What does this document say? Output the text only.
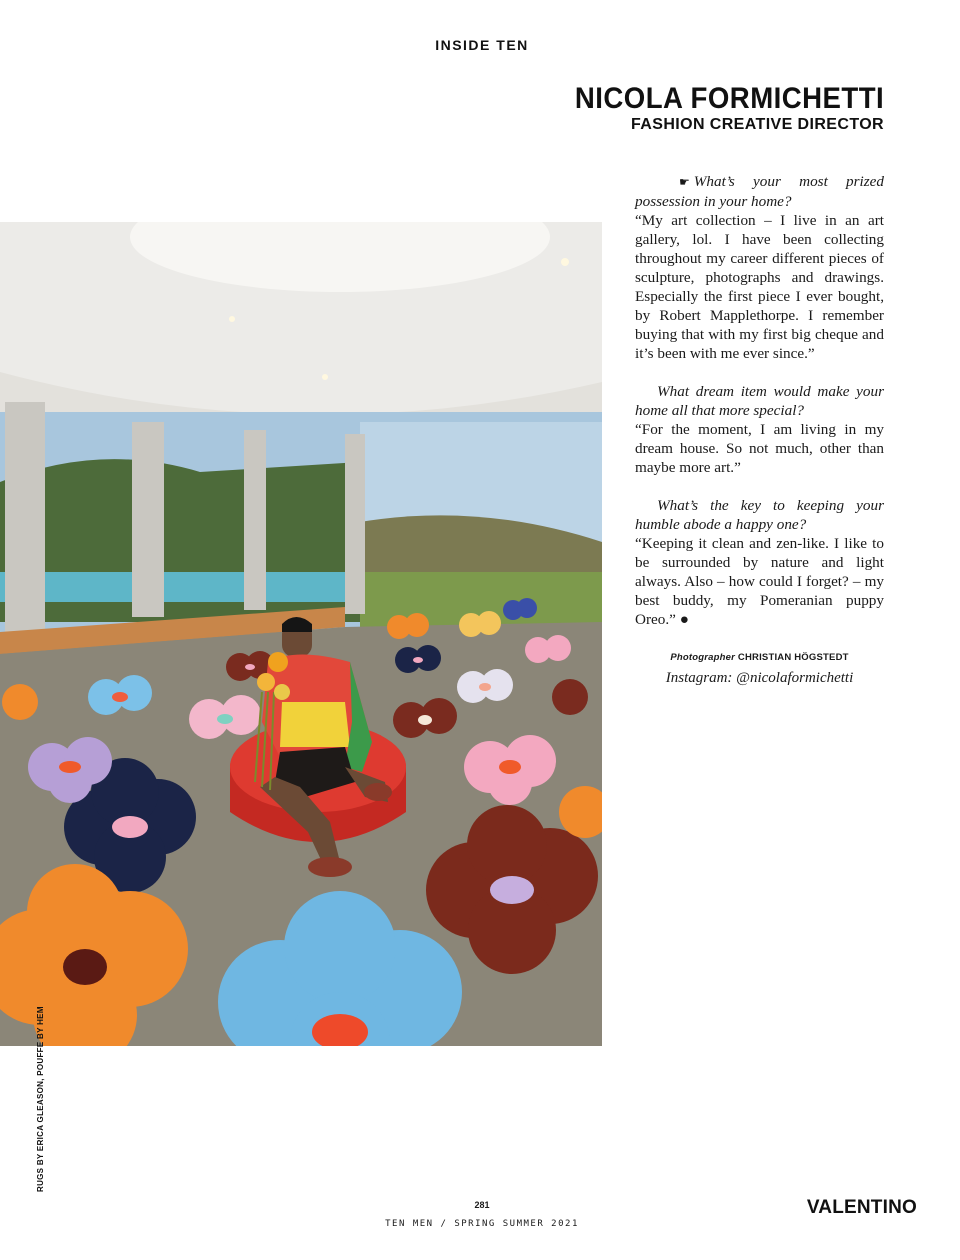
INSIDE TEN
NICOLA FORMICHETTI
FASHION CREATIVE DIRECTOR
☛ What’s your most prized possession in your home?
“My art collection – I live in an art gallery, lol. I have been collecting throughout my career different pieces of sculpture, photographs and drawings. Especially the first piece I ever bought, by Robert Mapplethorpe. I remember buying that with my first big cheque and it’s been with me ever since.”
What dream item would make your home all that more special?
“For the moment, I am living in my dream house. So not much, other than maybe more art.”
What’s the key to keeping your humble abode a happy one?
“Keeping it clean and zen-like. I like to be surrounded by nature and light always. Also – how could I forget? – my best buddy, my Pomeranian puppy Oreo.” ●
Photographer CHRISTIAN HÖGSTEDT
Instagram: @nicolaformichetti
RUGS BY ERICA GLEASON, POUFFE BY HEM
281
TEN MEN / SPRING SUMMER 2021
VALENTINO
